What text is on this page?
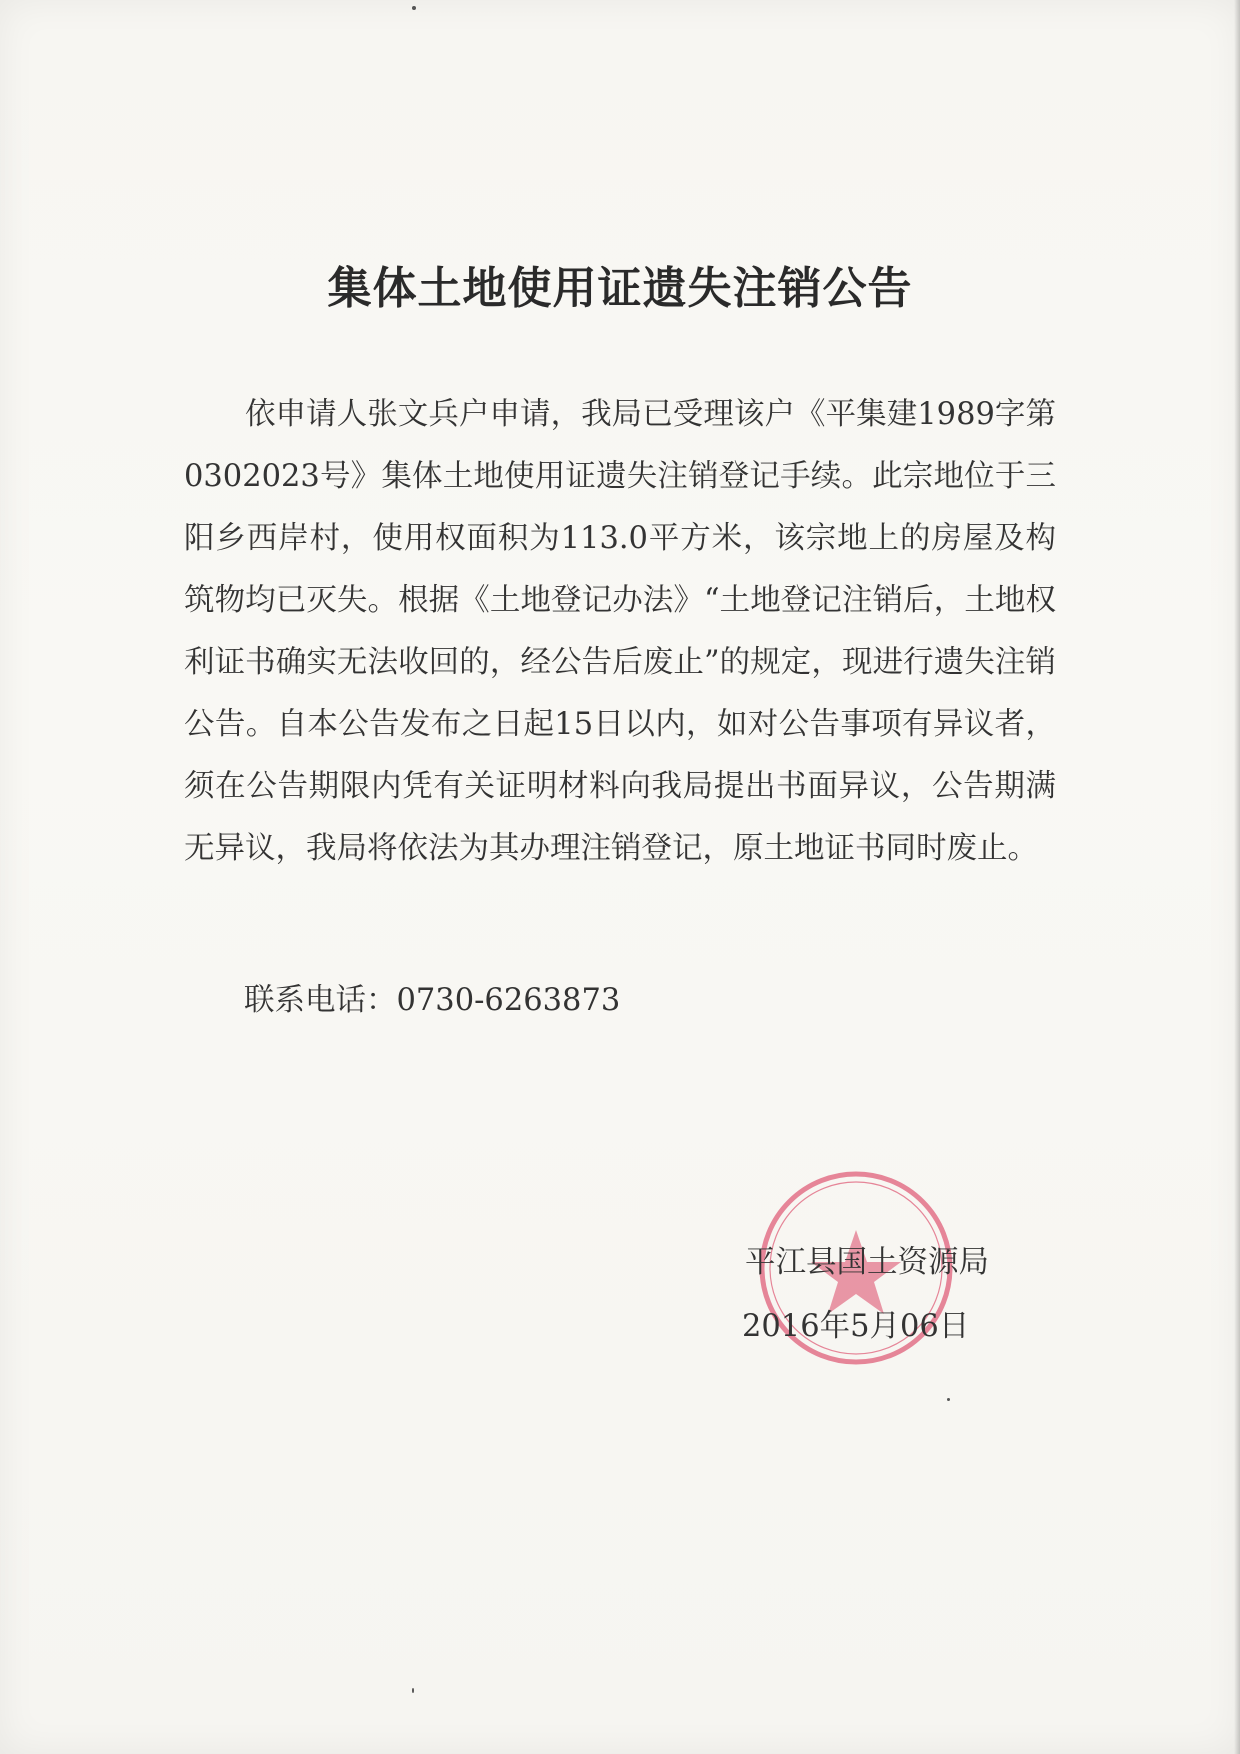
集体土地使用证遗失注销公告
依申请人张文兵户申请，我局已受理该户《平集建1989字第0302023号》集体土地使用证遗失注销登记手续。此宗地位于三阳乡西岸村，使用权面积为113.0平方米，该宗地上的房屋及构筑物均已灭失。根据《土地登记办法》“土地登记注销后，土地权利证书确实无法收回的，经公告后废止”的规定，现进行遗失注销公告。自本公告发布之日起15日以内，如对公告事项有异议者，须在公告期限内凭有关证明材料向我局提出书面异议，公告期满无异议，我局将依法为其办理注销登记，原土地证书同时废止。
联系电话：0730-6263873
平江县国土资源局
2016年5月06日
